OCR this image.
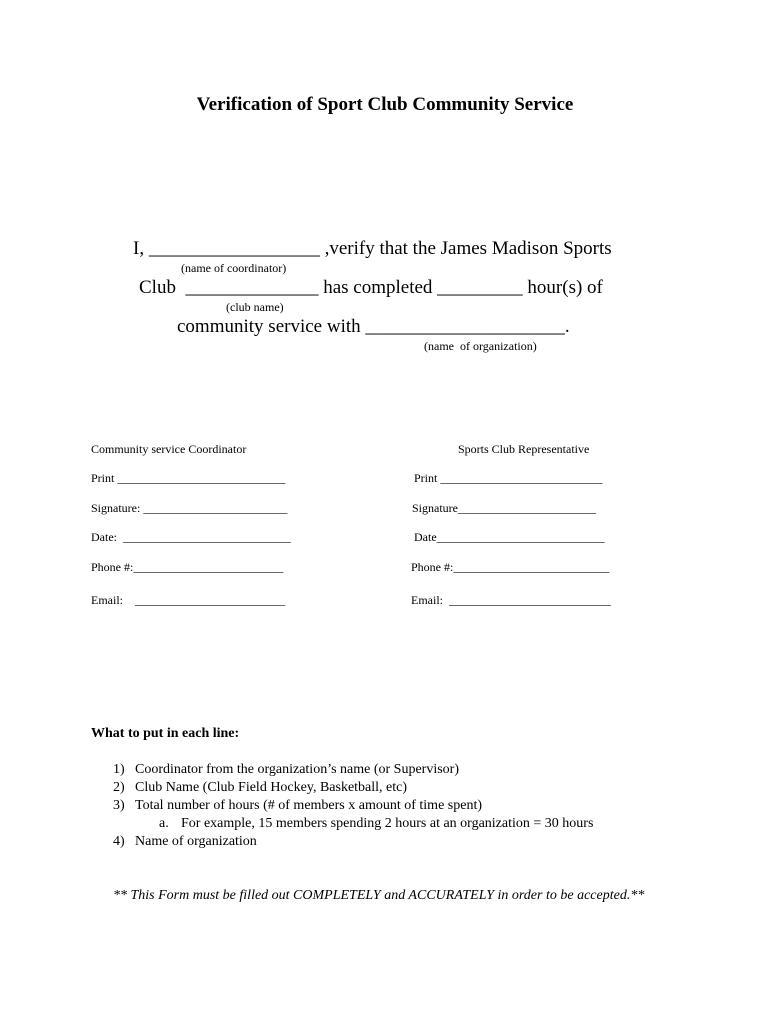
Verification of Sport Club Community Service
I, __________________ ,verify that the James Madison Sports
(name of coordinator)
Club  ______________ has completed _________ hour(s) of
(club name)
community service with _____________________.
(name  of organization)
Community service Coordinator
Print ____________________________
Signature: ________________________
Date:  ____________________________
Phone #:_________________________
Email:    _________________________
Sports Club Representative
Print ___________________________
Signature_______________________
Date____________________________
Phone #:__________________________
Email:  ___________________________
What to put in each line:
1) Coordinator from the organization’s name (or Supervisor)
2) Club Name (Club Field Hockey, Basketball, etc)
3) Total number of hours (# of members x amount of time spent)
a. For example, 15 members spending 2 hours at an organization = 30 hours
4) Name of organization
** This Form must be filled out COMPLETELY and ACCURATELY in order to be accepted.**
